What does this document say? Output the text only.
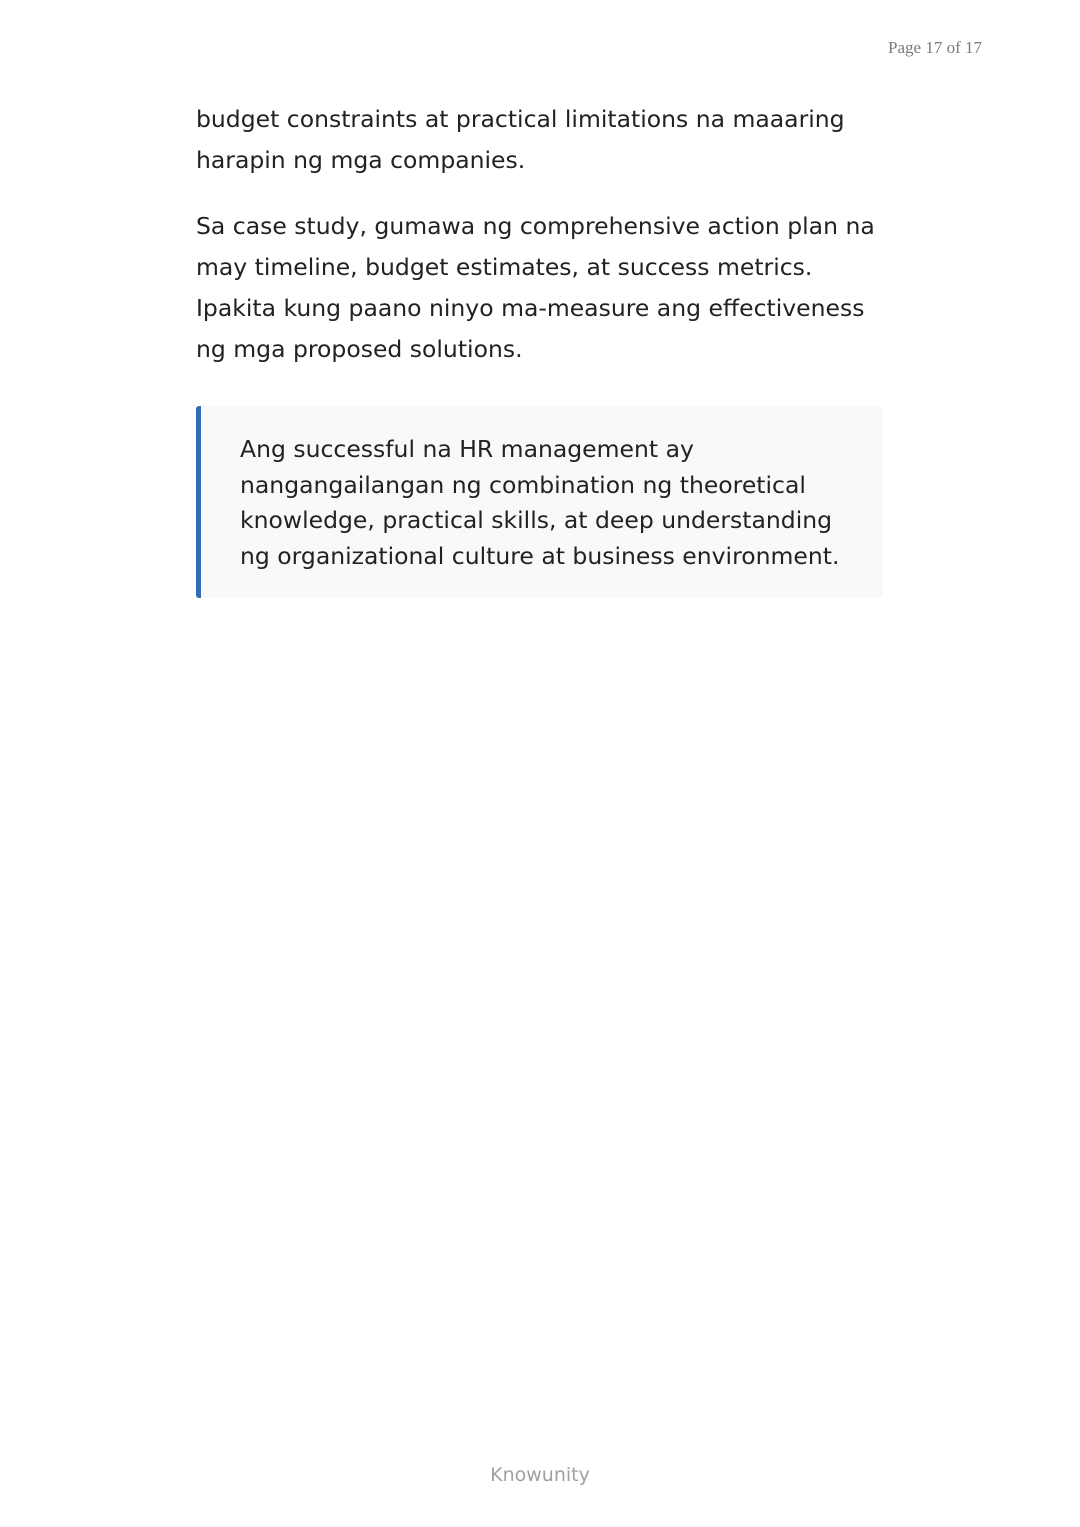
Page 17 of 17

budget constraints at practical limitations na maaaring harapin ng mga companies.

Sa case study, gumawa ng comprehensive action plan na may timeline, budget estimates, at success metrics. Ipakita kung paano ninyo ma-measure ang effectiveness ng mga proposed solutions.

Ang successful na HR management ay nangangailangan ng combination ng theoretical knowledge, practical skills, at deep understanding ng organizational culture at business environment.

Knowunity
